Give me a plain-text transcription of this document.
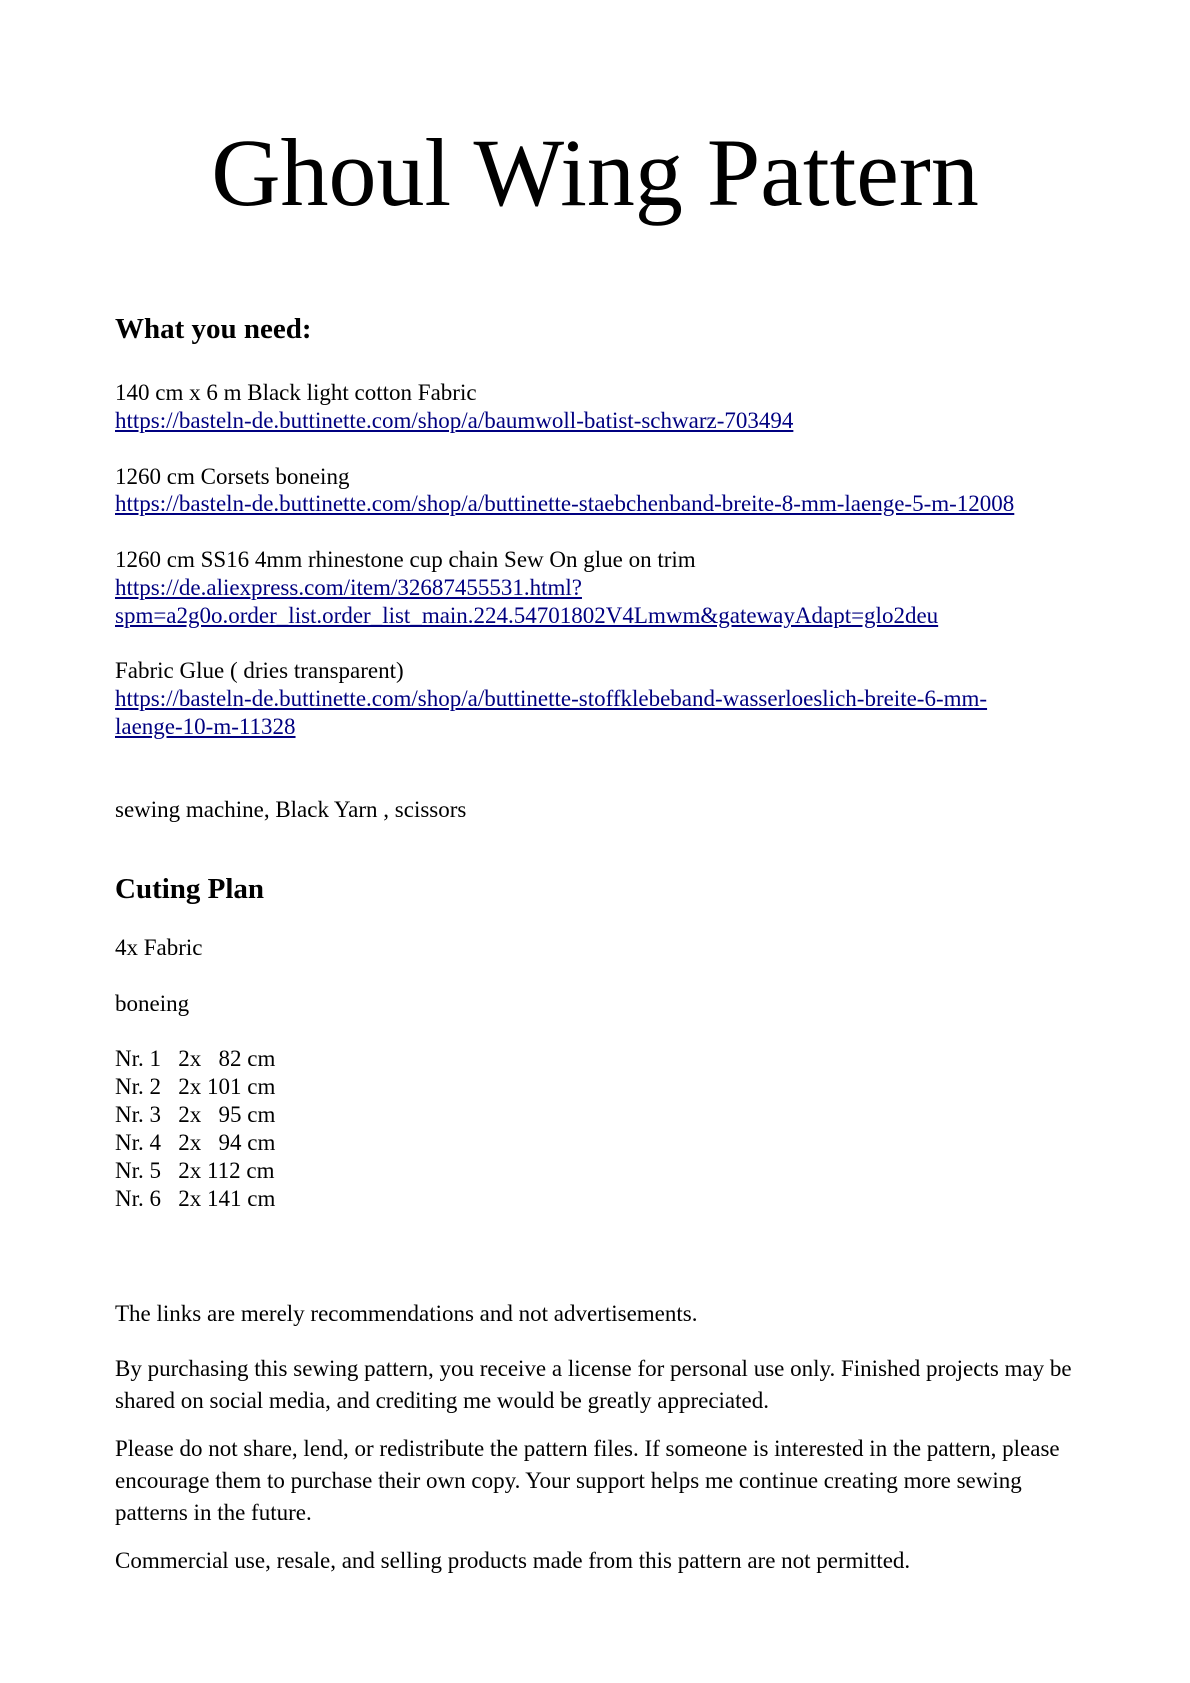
Ghoul Wing Pattern
What you need:

140 cm x 6 m Black light cotton Fabric

https://basteln-de.buttinette.com/shop/a/baumwoll-batist-schwarz-703494

1260 cm Corsets boneing

https://basteln-de.buttinette.com/shop/a/buttinette-staebchenband-breite-8-mm-laenge-5-m-12008

1260 cm SS16 4mm rhinestone cup chain Sew On glue on trim

https://de.aliexpress.com/item/32687455531.html?

spm=a2g0o.order_list.order_list_main.224.54701802V4Lmwm&gatewayAdapt=glo2deu

Fabric Glue ( dries transparent)

https://basteln-de.buttinette.com/shop/a/buttinette-stoffklebeband-wasserloeslich-breite-6-mm-

laenge-10-m-11328

sewing machine, Black Yarn , scissors

Cuting Plan

4x Fabric

boneing

Nr. 1   2x   82 cm

Nr. 2   2x 101 cm

Nr. 3   2x   95 cm

Nr. 4   2x   94 cm

Nr. 5   2x 112 cm

Nr. 6   2x 141 cm

The links are merely recommendations and not advertisements.

By purchasing this sewing pattern, you receive a license for personal use only. Finished projects may be shared on social media, and crediting me would be greatly appreciated.

Please do not share, lend, or redistribute the pattern files. If someone is interested in the pattern, please encourage them to purchase their own copy. Your support helps me continue creating more sewing patterns in the future.

Commercial use, resale, and selling products made from this pattern are not permitted.
